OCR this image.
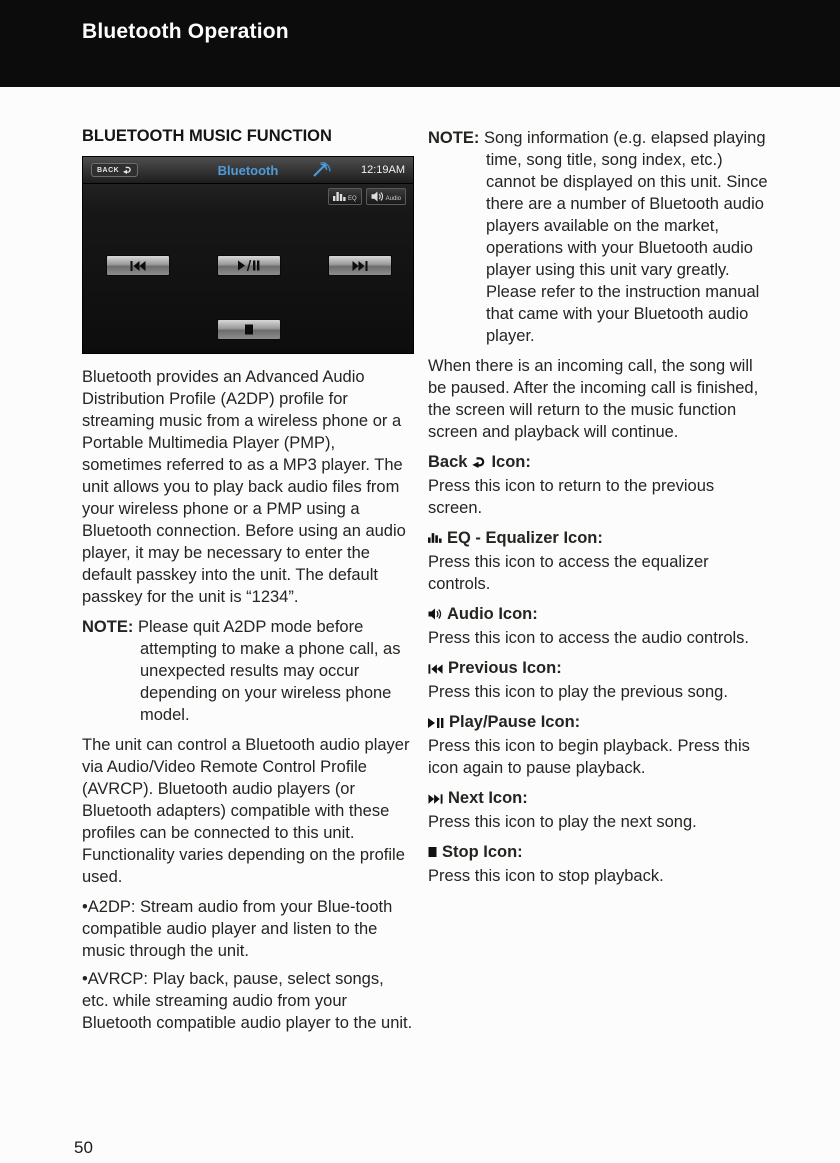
Bluetooth Operation
BLUETOOTH MUSIC FUNCTION
BACK	Bluetooth	12:19AM
EQ	Audio

Bluetooth provides an Advanced Audio Distribution Profile (A2DP) profile for streaming music from a wireless phone or a Portable Multimedia Player (PMP), sometimes referred to as a MP3 player. The unit allows you to play back audio files from your wireless phone or a PMP using a Bluetooth connection. Before using an audio player, it may be necessary to enter the default passkey into the unit. The default passkey for the unit is “1234”.

NOTE: Please quit A2DP mode before attempting to make a phone call, as unexpected results may occur depending on your wireless phone model.

The unit can control a Bluetooth audio player via Audio/Video Remote Control Profile (AVRCP). Bluetooth audio players (or Bluetooth adapters) compatible with these profiles can be connected to this unit. Functionality varies depending on the profile used.

•A2DP: Stream audio from your Blue-tooth compatible audio player and listen to the music through the unit.

•AVRCP: Play back, pause, select songs, etc. while streaming audio from your Bluetooth compatible audio player to the unit.

NOTE: Song information (e.g. elapsed playing time, song title, song index, etc.) cannot be displayed on this unit. Since there are a number of Bluetooth audio players available on the market, operations with your Bluetooth audio player using this unit vary greatly. Please refer to the instruction manual that came with your Bluetooth audio player.

When there is an incoming call, the song will be paused. After the incoming call is finished, the screen will return to the music function screen and playback will continue.

Back Icon:

Press this icon to return to the previous screen.

EQ - Equalizer Icon:

Press this icon to access the equalizer controls.

Audio Icon:

Press this icon to access the audio controls.

Previous Icon:

Press this icon to play the previous song.

Play/Pause Icon:

Press this icon to begin playback. Press this icon again to pause playback.

Next Icon:

Press this icon to play the next song.

Stop Icon:

Press this icon to stop playback.

50
